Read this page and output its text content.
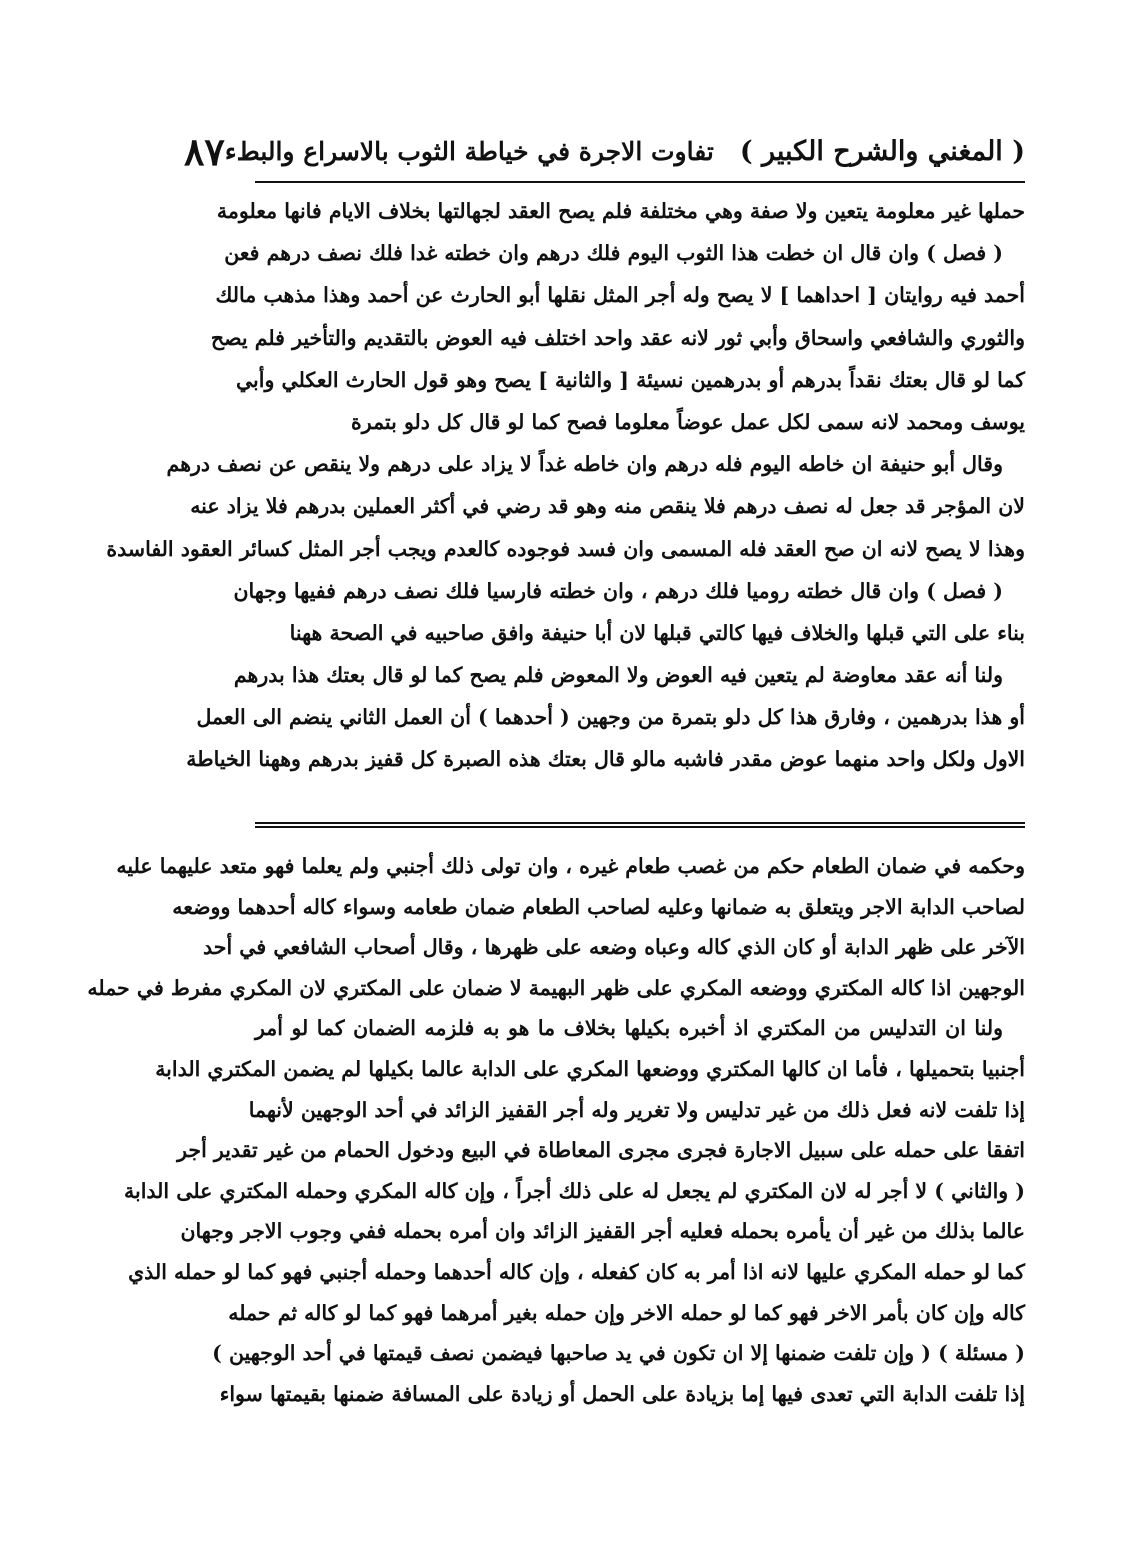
( المغني والشرح الكبير )
تفاوت الاجرة في خياطة الثوب بالاسراع والبطء
٨٧
حملها غير معلومة يتعين ولا صفة وهي مختلفة فلم يصح العقد لجهالتها بخلاف الايام فانها معلومة
( فصل ) وان قال ان خطت هذا الثوب اليوم فلك درهم وان خطته غدا فلك نصف درهم فعن
أحمد فيه روايتان [ احداهما ] لا يصح وله أجر المثل نقلها أبو الحارث عن أحمد وهذا مذهب مالك
والثوري والشافعي واسحاق وأبي ثور لانه عقد واحد اختلف فيه العوض بالتقديم والتأخير فلم يصح
كما لو قال بعتك نقداً بدرهم أو بدرهمين نسيئة [ والثانية ] يصح وهو قول الحارث العكلي وأبي
يوسف ومحمد لانه سمى لكل عمل عوضاً معلوما فصح كما لو قال كل دلو بتمرة
وقال أبو حنيفة ان خاطه اليوم فله درهم وان خاطه غداً لا يزاد على درهم ولا ينقص عن نصف درهم
لان المؤجر قد جعل له نصف درهم فلا ينقص منه وهو قد رضي في أكثر العملين بدرهم فلا يزاد عنه
وهذا لا يصح لانه ان صح العقد فله المسمى وان فسد فوجوده كالعدم ويجب أجر المثل كسائر العقود الفاسدة
( فصل ) وان قال خطته روميا فلك درهم ، وان خطته فارسيا فلك نصف درهم ففيها وجهان
بناء على التي قبلها والخلاف فيها كالتي قبلها لان أبا حنيفة وافق صاحبيه في الصحة ههنا
ولنا أنه عقد معاوضة لم يتعين فيه العوض ولا المعوض فلم يصح كما لو قال بعتك هذا بدرهم
أو هذا بدرهمين ، وفارق هذا كل دلو بتمرة من وجهين ( أحدهما ) أن العمل الثاني ينضم الى العمل
الاول ولكل واحد منهما عوض مقدر فاشبه مالو قال بعتك هذه الصبرة كل قفيز بدرهم وههنا الخياطة
وحكمه في ضمان الطعام حكم من غصب طعام غيره ، وان تولى ذلك أجنبي ولم يعلما فهو متعد عليهما عليه
لصاحب الدابة الاجر ويتعلق به ضمانها وعليه لصاحب الطعام ضمان طعامه وسواء كاله أحدهما ووضعه
الآخر على ظهر الدابة أو كان الذي كاله وعباه وضعه على ظهرها ، وقال أصحاب الشافعي في أحد
الوجهين اذا كاله المكتري ووضعه المكري على ظهر البهيمة لا ضمان على المكتري لان المكري مفرط في حمله
ولنا ان التدليس من المكتري اذ أخبره بكيلها بخلاف ما هو به فلزمه الضمان كما لو أمر
أجنبيا بتحميلها ، فأما ان كالها المكتري ووضعها المكري على الدابة عالما بكيلها لم يضمن المكتري الدابة
إذا تلفت لانه فعل ذلك من غير تدليس ولا تغرير وله أجر القفيز الزائد في أحد الوجهين لأنهما
اتفقا على حمله على سبيل الاجارة فجرى مجرى المعاطاة في البيع ودخول الحمام من غير تقدير أجر
( والثاني ) لا أجر له لان المكتري لم يجعل له على ذلك أجراً ، وإن كاله المكري وحمله المكتري على الدابة
عالما بذلك من غير أن يأمره بحمله فعليه أجر القفيز الزائد وان أمره بحمله ففي وجوب الاجر وجهان
كما لو حمله المكري عليها لانه اذا أمر به كان كفعله ، وإن كاله أحدهما وحمله أجنبي فهو كما لو حمله الذي
كاله وإن كان بأمر الاخر فهو كما لو حمله الاخر وإن حمله بغير أمرهما فهو كما لو كاله ثم حمله
( مسئلة ) ( وإن تلفت ضمنها إلا ان تكون في يد صاحبها فيضمن نصف قيمتها في أحد الوجهين )
إذا تلفت الدابة التي تعدى فيها إما بزيادة على الحمل أو زيادة على المسافة ضمنها بقيمتها سواء
